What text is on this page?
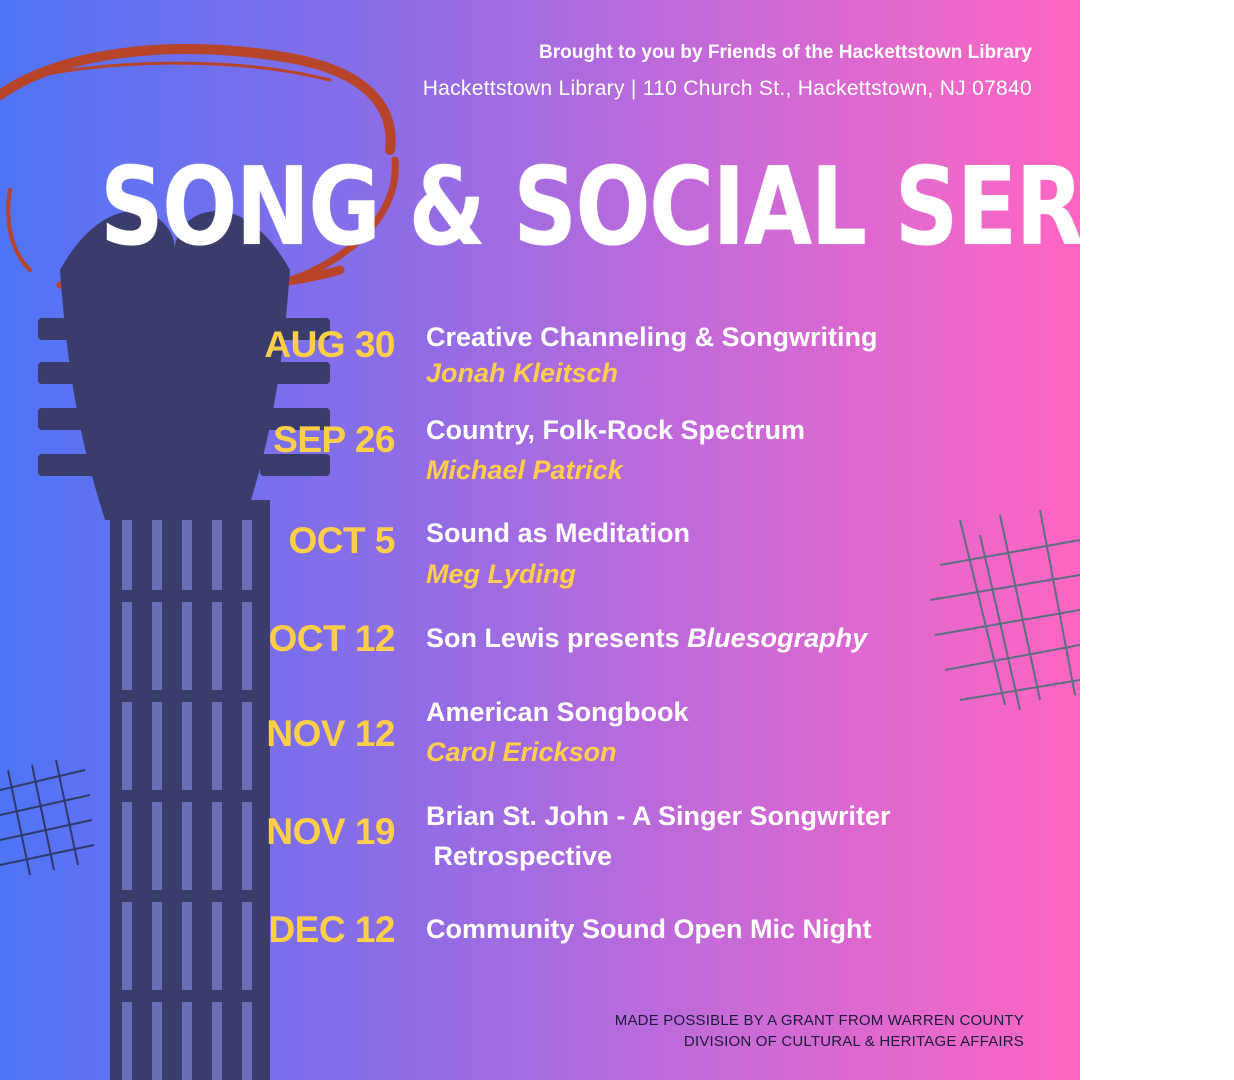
Brought to you by Friends of the Hackettstown Library
Hackettstown Library | 110 Church St., Hackettstown, NJ 07840
SONG & SOCIAL SERIES
AUG 30 Creative Channeling & Songwriting
Jonah Kleitsch
SEP 26 Country, Folk-Rock Spectrum
Michael Patrick
OCT 5 Sound as Meditation
Meg Lyding
OCT 12 Son Lewis presents Bluesography
NOV 12
American Songbook
Carol Erickson
NOV 19 Brian St. John - A Singer Songwriter
Retrospective
DEC 12 Community Sound Open Mic Night
MADE POSSIBLE BY A GRANT FROM WARREN COUNTY
DIVISION OF CULTURAL & HERITAGE AFFAIRS
